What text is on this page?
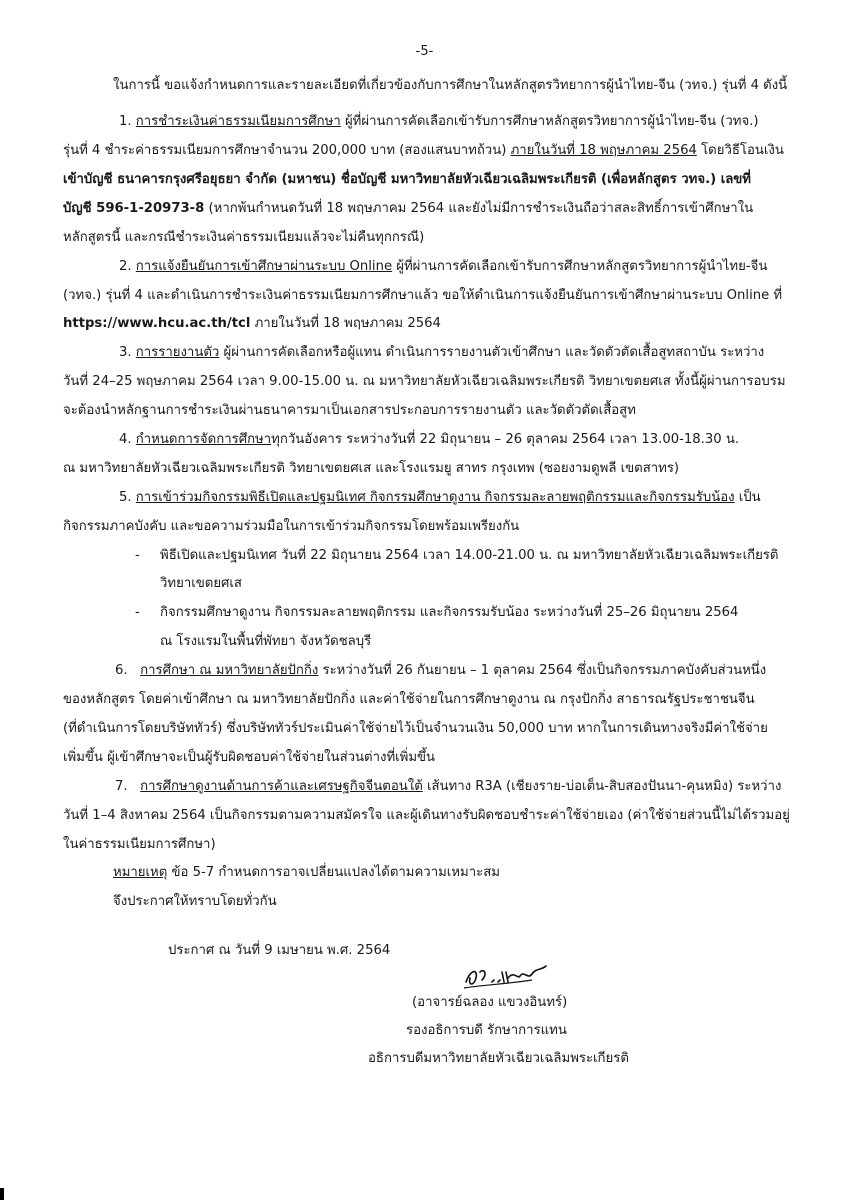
-5-
ในการนี้ ขอแจ้งกำหนดการและรายละเอียดที่เกี่ยวข้องกับการศึกษาในหลักสูตรวิทยาการผู้นำไทย-จีน (วทจ.) รุ่นที่ 4 ดังนี้
1. การชำระเงินค่าธรรมเนียมการศึกษา ผู้ที่ผ่านการคัดเลือกเข้ารับการศึกษาหลักสูตรวิทยาการผู้นำไทย-จีน (วทจ.)
รุ่นที่ 4 ชำระค่าธรรมเนียมการศึกษาจำนวน 200,000 บาท (สองแสนบาทถ้วน) ภายในวันที่ 18 พฤษภาคม 2564 โดยวิธีโอนเงิน
เข้าบัญชี ธนาคารกรุงศรีอยุธยา จำกัด (มหาชน) ชื่อบัญชี มหาวิทยาลัยหัวเฉียวเฉลิมพระเกียรติ (เพื่อหลักสูตร วทจ.) เลขที่
บัญชี 596-1-20973-8 (หากพ้นกำหนดวันที่ 18 พฤษภาคม 2564 และยังไม่มีการชำระเงินถือว่าสละสิทธิ์การเข้าศึกษาใน
หลักสูตรนี้ และกรณีชำระเงินค่าธรรมเนียมแล้วจะไม่คืนทุกกรณี)
2. การแจ้งยืนยันการเข้าศึกษาผ่านระบบ Online ผู้ที่ผ่านการคัดเลือกเข้ารับการศึกษาหลักสูตรวิทยาการผู้นำไทย-จีน
(วทจ.) รุ่นที่ 4 และดำเนินการชำระเงินค่าธรรมเนียมการศึกษาแล้ว ขอให้ดำเนินการแจ้งยืนยันการเข้าศึกษาผ่านระบบ Online ที่
https://www.hcu.ac.th/tcl ภายในวันที่ 18 พฤษภาคม 2564
3. การรายงานตัว ผู้ผ่านการคัดเลือกหรือผู้แทน ดำเนินการรายงานตัวเข้าศึกษา และวัดตัวตัดเสื้อสูทสถาบัน ระหว่าง
วันที่ 24–25 พฤษภาคม 2564 เวลา 9.00-15.00 น. ณ มหาวิทยาลัยหัวเฉียวเฉลิมพระเกียรติ วิทยาเขตยศเส ทั้งนี้ผู้ผ่านการอบรม
จะต้องนำหลักฐานการชำระเงินผ่านธนาคารมาเป็นเอกสารประกอบการรายงานตัว และวัดตัวตัดเสื้อสูท
4. กำหนดการจัดการศึกษาทุกวันอังคาร ระหว่างวันที่ 22 มิถุนายน – 26 ตุลาคม 2564 เวลา 13.00-18.30 น.
ณ มหาวิทยาลัยหัวเฉียวเฉลิมพระเกียรติ วิทยาเขตยศเส และโรงแรมยู สาทร กรุงเทพ (ซอยงามดูพลี เขตสาทร)
5. การเข้าร่วมกิจกรรมพิธีเปิดและปฐมนิเทศ กิจกรรมศึกษาดูงาน กิจกรรมละลายพฤติกรรมและกิจกรรมรับน้อง เป็น
กิจกรรมภาคบังคับ และขอความร่วมมือในการเข้าร่วมกิจกรรมโดยพร้อมเพรียงกัน
- พิธีเปิดและปฐมนิเทศ วันที่ 22 มิถุนายน 2564 เวลา 14.00-21.00 น. ณ มหาวิทยาลัยหัวเฉียวเฉลิมพระเกียรติ
วิทยาเขตยศเส
- กิจกรรมศึกษาดูงาน กิจกรรมละลายพฤติกรรม และกิจกรรมรับน้อง ระหว่างวันที่ 25–26 มิถุนายน 2564
ณ โรงแรมในพื้นที่พัทยา จังหวัดชลบุรี
6. การศึกษา ณ มหาวิทยาลัยปักกิ่ง ระหว่างวันที่ 26 กันยายน – 1 ตุลาคม 2564 ซึ่งเป็นกิจกรรมภาคบังคับส่วนหนึ่ง
ของหลักสูตร โดยค่าเข้าศึกษา ณ มหาวิทยาลัยปักกิ่ง และค่าใช้จ่ายในการศึกษาดูงาน ณ กรุงปักกิ่ง สาธารณรัฐประชาชนจีน
(ที่ดำเนินการโดยบริษัททัวร์) ซึ่งบริษัททัวร์ประเมินค่าใช้จ่ายไว้เป็นจำนวนเงิน 50,000 บาท หากในการเดินทางจริงมีค่าใช้จ่าย
เพิ่มขึ้น ผู้เข้าศึกษาจะเป็นผู้รับผิดชอบค่าใช้จ่ายในส่วนต่างที่เพิ่มขึ้น
7. การศึกษาดูงานด้านการค้าและเศรษฐกิจจีนตอนใต้ เส้นทาง R3A (เชียงราย-บ่อเต็น-สิบสองปันนา-คุนหมิง) ระหว่าง
วันที่ 1–4 สิงหาคม 2564 เป็นกิจกรรมตามความสมัครใจ และผู้เดินทางรับผิดชอบชำระค่าใช้จ่ายเอง (ค่าใช้จ่ายส่วนนี้ไม่ได้รวมอยู่
ในค่าธรรมเนียมการศึกษา)
หมายเหตุ ข้อ 5-7 กำหนดการอาจเปลี่ยนแปลงได้ตามความเหมาะสม
จึงประกาศให้ทราบโดยทั่วกัน
ประกาศ ณ วันที่ 9 เมษายน พ.ศ. 2564
(อาจารย์ฉลอง แขวงอินทร์)
รองอธิการบดี รักษาการแทน
อธิการบดีมหาวิทยาลัยหัวเฉียวเฉลิมพระเกียรติ
